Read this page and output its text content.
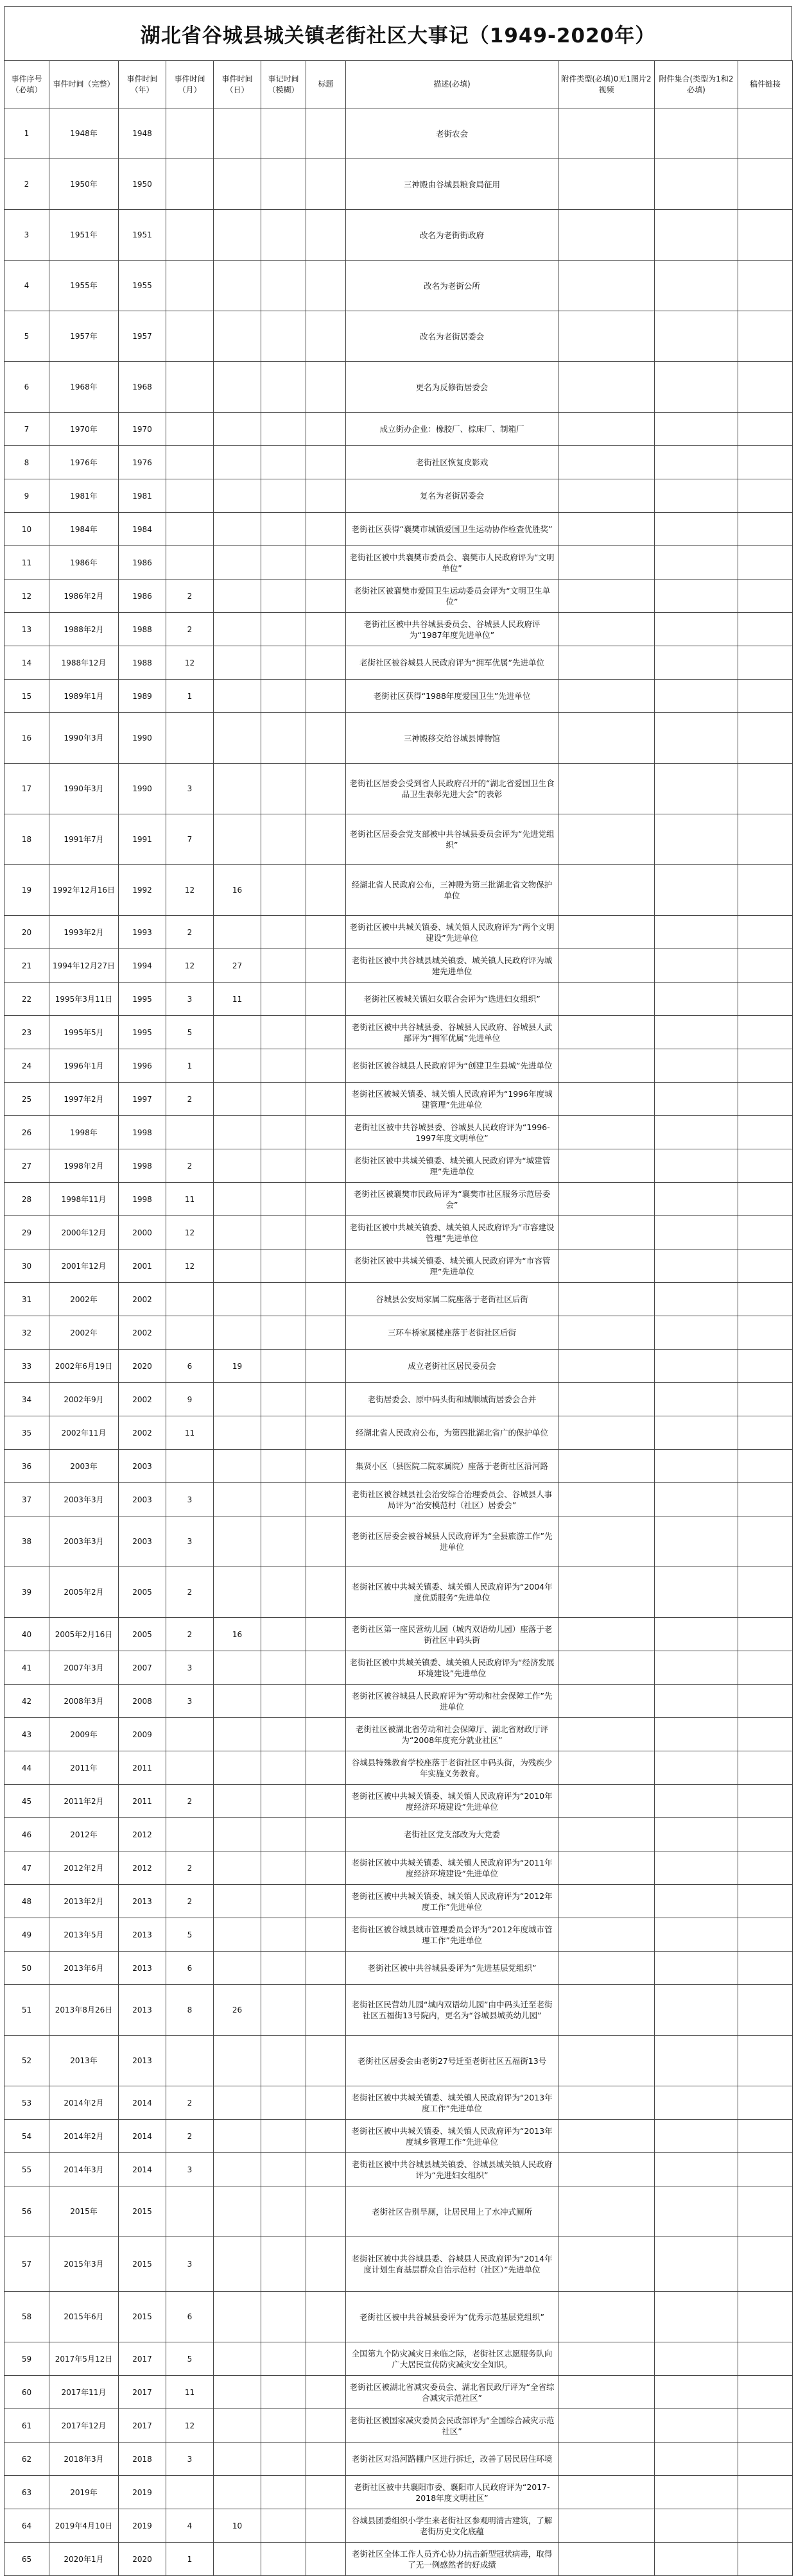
湖北省谷城县城关镇老街社区大事记（1949-2020年）
事件序号（必填）	事件时间（完整）	事件时间（年）	事件时间（月）	事件时间（日）	事记时间（模糊）	标题	描述(必填)	附件类型(必填)0无1图片2视频	附件集合(类型为1和2必填)	稿件链接
1	1948年	1948					老街农会			
2	1950年	1950					三神殿由谷城县粮食局征用			
3	1951年	1951					改名为老街街政府			
4	1955年	1955					改名为老街公所			
5	1957年	1957					改名为老街居委会			
6	1968年	1968					更名为反修街居委会			
7	1970年	1970					成立街办企业：橡胶厂、棕床厂、制箱厂			
8	1976年	1976					老街社区恢复皮影戏			
9	1981年	1981					复名为老街居委会			
10	1984年	1984					老街社区获得“襄樊市城镇爱国卫生运动协作检查优胜奖”			
11	1986年	1986					老街社区被中共襄樊市委员会、襄樊市人民政府评为“文明单位”			
12	1986年2月	1986	2				老街社区被襄樊市爱国卫生运动委员会评为“文明卫生单位”			
13	1988年2月	1988	2				老街社区被中共谷城县委员会、谷城县人民政府评为“1987年度先进单位”			
14	1988年12月	1988	12				老街社区被谷城县人民政府评为“拥军优属”先进单位			
15	1989年1月	1989	1				老街社区获得“1988年度爱国卫生”先进单位			
16	1990年3月	1990					三神殿移交给谷城县博物馆			
17	1990年3月	1990	3				老街社区居委会受到省人民政府召开的“湖北省爱国卫生食品卫生表彰先进大会”的表彰			
18	1991年7月	1991	7				老街社区居委会党支部被中共谷城县委员会评为“先进党组织”			
19	1992年12月16日	1992	12	16			经湖北省人民政府公布，三神殿为第三批湖北省文物保护单位			
20	1993年2月	1993	2				老街社区被中共城关镇委、城关镇人民政府评为“两个文明建设”先进单位			
21	1994年12月27日	1994	12	27			老街社区被中共谷城县城关镇委、城关镇人民政府评为城建先进单位			
22	1995年3月11日	1995	3	11			老街社区被城关镇妇女联合会评为“选进妇女组织”			
23	1995年5月	1995	5				老街社区被中共谷城县委、谷城县人民政府、谷城县人武部评为“拥军优属”先进单位			
24	1996年1月	1996	1				老街社区被谷城县人民政府评为“创建卫生县城”先进单位			
25	1997年2月	1997	2				老街社区被城关镇委、城关镇人民政府评为“1996年度城建管理”先进单位			
26	1998年	1998					老街社区被中共谷城县委、谷城县人民政府评为“1996-1997年度文明单位”			
27	1998年2月	1998	2				老街社区被中共城关镇委、城关镇人民政府评为“城建管理”先进单位			
28	1998年11月	1998	11				老街社区被襄樊市民政局评为“襄樊市社区服务示范居委会”			
29	2000年12月	2000	12				老街社区被中共城关镇委、城关镇人民政府评为“市容建设管理”先进单位			
30	2001年12月	2001	12				老街社区被中共城关镇委、城关镇人民政府评为“市容管理”先进单位			
31	2002年	2002					谷城县公安局家属二院座落于老街社区后街			
32	2002年	2002					三环车桥家属楼座落于老街社区后街			
33	2002年6月19日	2020	6	19			成立老街社区居民委员会			
34	2002年9月	2002	9				老街居委会、原中码头街和城顺城街居委会合并			
35	2002年11月	2002	11				经湖北省人民政府公布，为第四批湖北省广的保护单位			
36	2003年	2003					集贤小区（县医院二院家属院）座落于老街社区沿河路			
37	2003年3月	2003	3				老街社区被谷城县社会治安综合治理委员会、谷城县人事局评为“治安模范村（社区）居委会”			
38	2003年3月	2003	3				老街社区居委会被谷城县人民政府评为“全县旅游工作”先进单位			
39	2005年2月	2005	2				老街社区被中共城关镇委、城关镇人民政府评为“2004年度优质服务”先进单位			
40	2005年2月16日	2005	2	16			老街社区第一座民营幼儿园（城内双语幼儿园）座落于老街社区中码头街			
41	2007年3月	2007	3				老街社区被中共城关镇委、城关镇人民政府评为“经济发展环境建设”先进单位			
42	2008年3月	2008	3				老街社区被谷城县人民政府评为“劳动和社会保障工作”先进单位			
43	2009年	2009					老街社区被湖北省劳动和社会保障厅、湖北省财政厅评为“2008年度充分就业社区”			
44	2011年	2011					谷城县特殊教育学校座落于老街社区中码头街，为残疾少年实施义务教育。			
45	2011年2月	2011	2				老街社区被中共城关镇委、城关镇人民政府评为“2010年度经济环境建设”先进单位			
46	2012年	2012					老街社区党支部改为大党委			
47	2012年2月	2012	2				老街社区被中共城关镇委、城关镇人民政府评为“2011年度经济环境建设”先进单位			
48	2013年2月	2013	2				老街社区被中共城关镇委、城关镇人民政府评为“2012年度工作”先进单位			
49	2013年5月	2013	5				老街社区被谷城县城市管理委员会评为“2012年度城市管理工作”先进单位			
50	2013年6月	2013	6				老街社区被中共谷城县委评为“先进基层党组织”			
51	2013年8月26日	2013	8	26			老街社区民营幼儿园“城内双语幼儿园”由中码头迁至老街社区五福街13号院内，更名为“谷城县城英幼儿园”			
52	2013年	2013					老街社区居委会由老街27号迁至老街社区五福街13号			
53	2014年2月	2014	2				老街社区被中共城关镇委、城关镇人民政府评为“2013年度工作”先进单位			
54	2014年2月	2014	2				老街社区被中共城关镇委、城关镇人民政府评为“2013年度城乡管理工作”先进单位			
55	2014年3月	2014	3				老街社区被中共谷城县城关镇委、谷城县城关镇人民政府评为“先进妇女组织”			
56	2015年	2015					老街社区告别旱厕，让居民用上了水冲式厕所			
57	2015年3月	2015	3				老街社区被中共谷城县委、谷城县人民政府评为“2014年度计划生育基层群众自治示范村（社区）”先进单位			
58	2015年6月	2015	6				老街社区被中共谷城县委评为“优秀示范基层党组织”			
59	2017年5月12日	2017	5				全国第九个防灾减灾日来临之际，老街社区志愿服务队向广大居民宣传防灾减灾安全知识。			
60	2017年11月	2017	11				老街社区被湖北省减灾委员会、湖北省民政厅评为“全省综合减灾示范社区”			
61	2017年12月	2017	12				老街社区被国家减灾委员会民政部评为“全国综合减灾示范社区”			
62	2018年3月	2018	3				老街社区对沿河路棚户区进行拆迁，改善了居民居住环境			
63	2019年	2019					老街社区被中共襄阳市委、襄阳市人民政府评为“2017-2018年度文明社区”			
64	2019年4月10日	2019	4	10			谷城县团委组织小学生来老街社区参观明清古建筑，了解老街历史文化底蕴			
65	2020年1月	2020	1				老街社区全体工作人员齐心协力抗击新型冠状病毒，取得了无一例感然者的好成绩			
